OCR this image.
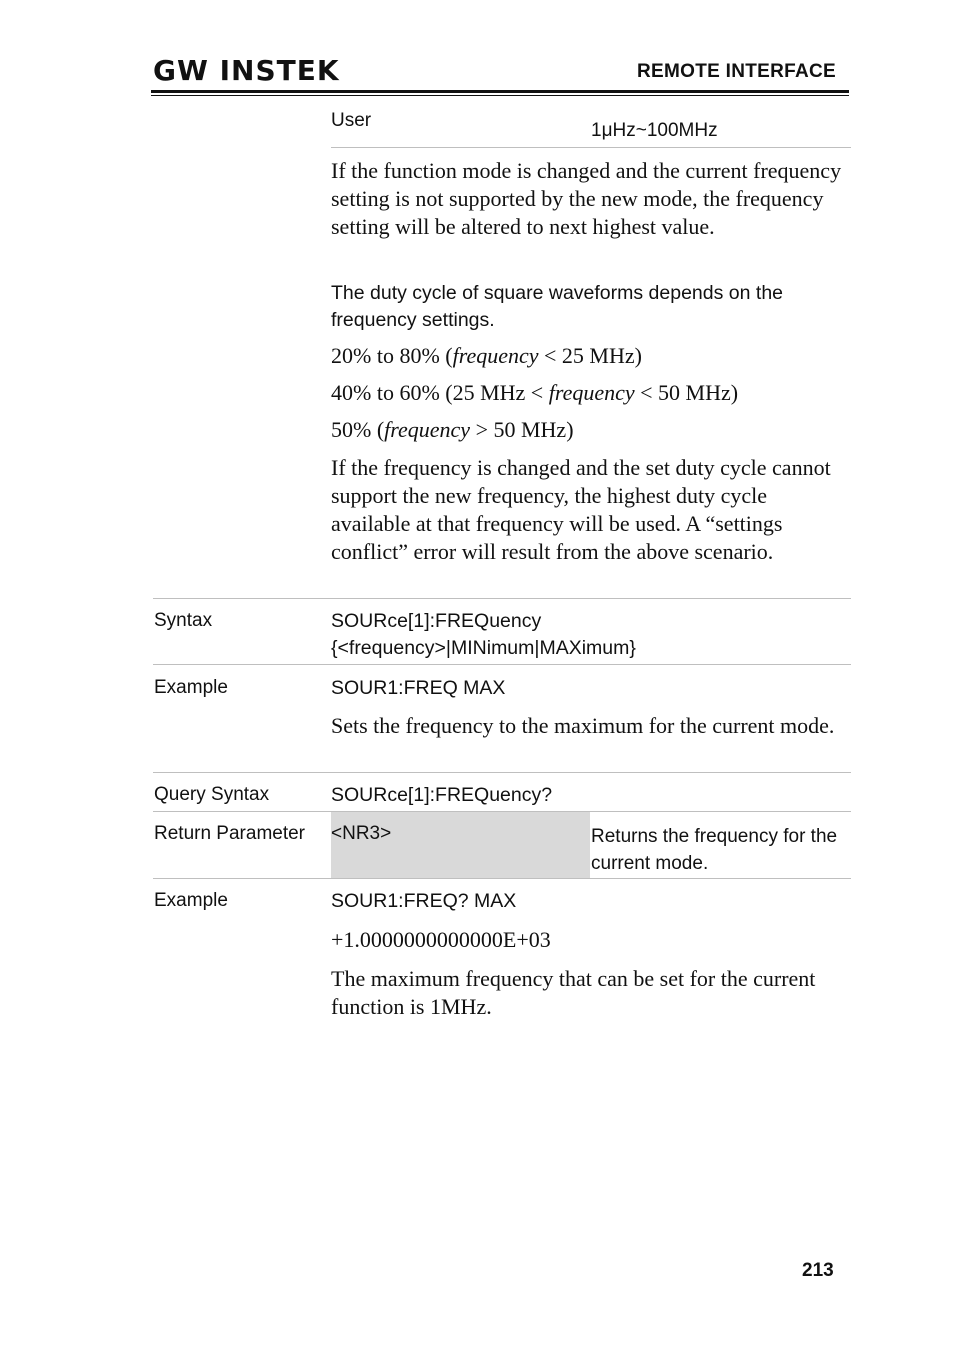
GW INSTEK	REMOTE INTERFACE
User	1μHz~100MHz
If the function mode is changed and the current frequency setting is not supported by the new mode, the frequency setting will be altered to next highest value.
The duty cycle of square waveforms depends on the frequency settings.
20% to 80% (frequency < 25 MHz)
40% to 60% (25 MHz < frequency < 50 MHz)
50% (frequency > 50 MHz)
If the frequency is changed and the set duty cycle cannot support the new frequency, the highest duty cycle available at that frequency will be used. A “settings conflict” error will result from the above scenario.
Syntax	SOURce[1]:FREQuency
{<frequency>|MINimum|MAXimum}
Example	SOUR1:FREQ MAX
Sets the frequency to the maximum for the current mode.
Query Syntax	SOURce[1]:FREQuency?
Return Parameter <NR3>	Returns the frequency for the current mode.
Example	SOUR1:FREQ? MAX
+1.0000000000000E+03
The maximum frequency that can be set for the current function is 1MHz.
213
